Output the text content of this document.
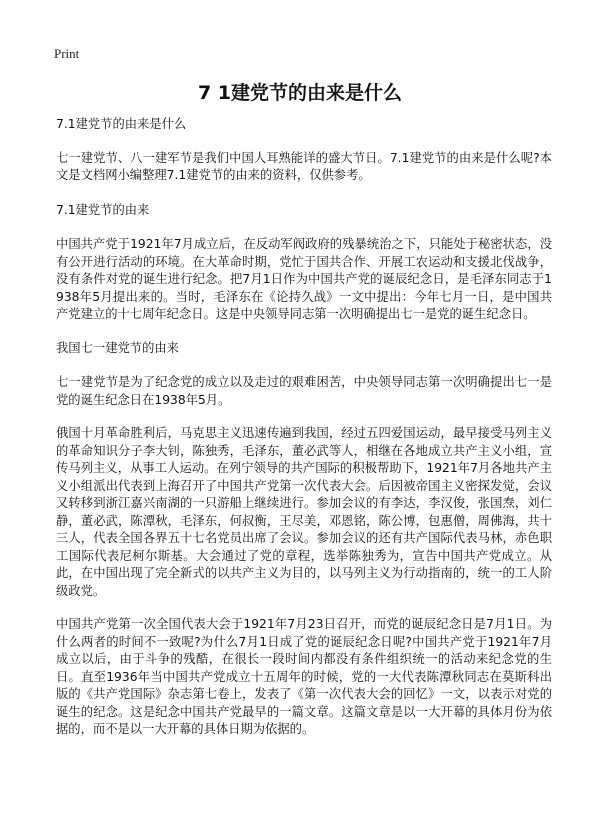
Print
7 1建党节的由来是什么

7.1建党节的由来是什么

七一建党节、八一建军节是我们中国人耳熟能详的盛大节日。7.1建党节的由来是什么呢?本文是文档网小编整理7.1建党节的由来的资料，仅供参考。

7.1建党节的由来

中国共产党于1921年7月成立后，在反动军阀政府的残暴统治之下，只能处于秘密状态，没有公开进行活动的环境。在大革命时期，党忙于国共合作、开展工农运动和支援北伐战争，没有条件对党的诞生进行纪念。把7月1日作为中国共产党的诞辰纪念日，是毛泽东同志于1938年5月提出来的。当时，毛泽东在《论持久战》一文中提出：今年七月一日，是中国共产党建立的十七周年纪念日。这是中央领导同志第一次明确提出七一是党的诞生纪念日。

我国七一建党节的由来

七一建党节是为了纪念党的成立以及走过的艰难困苦，中央领导同志第一次明确提出七一是党的诞生纪念日在1938年5月。

俄国十月革命胜利后，马克思主义迅速传遍到我国，经过五四爱国运动，最早接受马列主义的革命知识分子李大钊，陈独秀，毛泽东，董必武等人，相继在各地成立共产主义小组，宣传马列主义，从事工人运动。在列宁领导的共产国际的积极帮助下，1921年7月各地共产主义小组派出代表到上海召开了中国共产党第一次代表大会。后因被帝国主义密探发觉，会议又转移到浙江嘉兴南湖的一只游船上继续进行。参加会议的有李达，李汉俊，张国焘，刘仁静，董必武，陈潭秋，毛泽东，何叔衡，王尽美，邓恩铭，陈公博，包惠僧，周佛海，共十三人，代表全国各界五十七名党员出席了会议。参加会议的还有共产国际代表马林，赤色职工国际代表尼柯尔斯基。大会通过了党的章程，选举陈独秀为，宣告中国共产党成立。从此，在中国出现了完全新式的以共产主义为目的，以马列主义为行动指南的，统一的工人阶级政党。

中国共产党第一次全国代表大会于1921年7月23日召开，而党的诞辰纪念日是7月1日。为什么两者的时间不一致呢?为什么7月1日成了党的诞辰纪念日呢?中国共产党于1921年7月成立以后，由于斗争的残酷，在很长一段时间内都没有条件组织统一的活动来纪念党的生日。直至1936年当中国共产党成立十五周年的时候，党的一大代表陈潭秋同志在莫斯科出版的《共产党国际》杂志第七卷上，发表了《第一次代表大会的回忆》一文，以表示对党的诞生的纪念。这是纪念中国共产党最早的一篇文章。这篇文章是以一大开幕的具体月份为依据的，而不是以一大开幕的具体日期为依据的。
